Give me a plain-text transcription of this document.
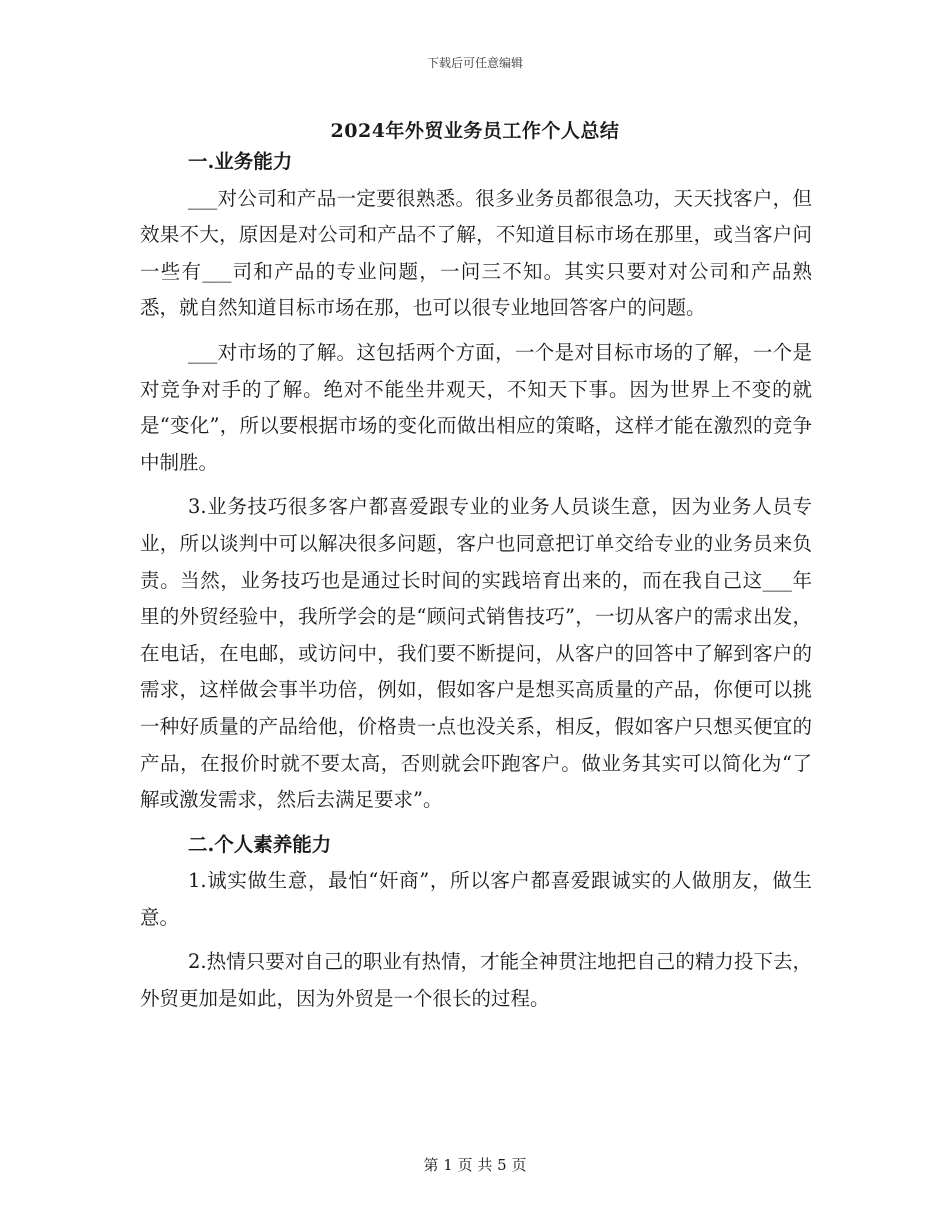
下载后可任意编辑
2024年外贸业务员工作个人总结

一.业务能力

___对公司和产品一定要很熟悉。很多业务员都很急功，天天找客户，但效果不大，原因是对公司和产品不了解，不知道目标市场在那里，或当客户问一些有___司和产品的专业问题，一问三不知。其实只要对对公司和产品熟悉，就自然知道目标市场在那，也可以很专业地回答客户的问题。

___对市场的了解。这包括两个方面，一个是对目标市场的了解，一个是对竞争对手的了解。绝对不能坐井观天，不知天下事。因为世界上不变的就是“变化”，所以要根据市场的变化而做出相应的策略，这样才能在激烈的竞争中制胜。

3.业务技巧很多客户都喜爱跟专业的业务人员谈生意，因为业务人员专业，所以谈判中可以解决很多问题，客户也同意把订单交给专业的业务员来负责。当然，业务技巧也是通过长时间的实践培育出来的，而在我自己这___年里的外贸经验中，我所学会的是“顾问式销售技巧”，一切从客户的需求出发，在电话，在电邮，或访问中，我们要不断提问，从客户的回答中了解到客户的需求，这样做会事半功倍，例如，假如客户是想买高质量的产品，你便可以挑一种好质量的产品给他，价格贵一点也没关系，相反，假如客户只想买便宜的产品，在报价时就不要太高，否则就会吓跑客户。做业务其实可以简化为“了解或激发需求，然后去满足要求”。

二.个人素养能力

1.诚实做生意，最怕“奸商”，所以客户都喜爱跟诚实的人做朋友，做生意。

2.热情只要对自己的职业有热情，才能全神贯注地把自己的精力投下去，外贸更加是如此，因为外贸是一个很长的过程。

第 1 页 共 5 页
